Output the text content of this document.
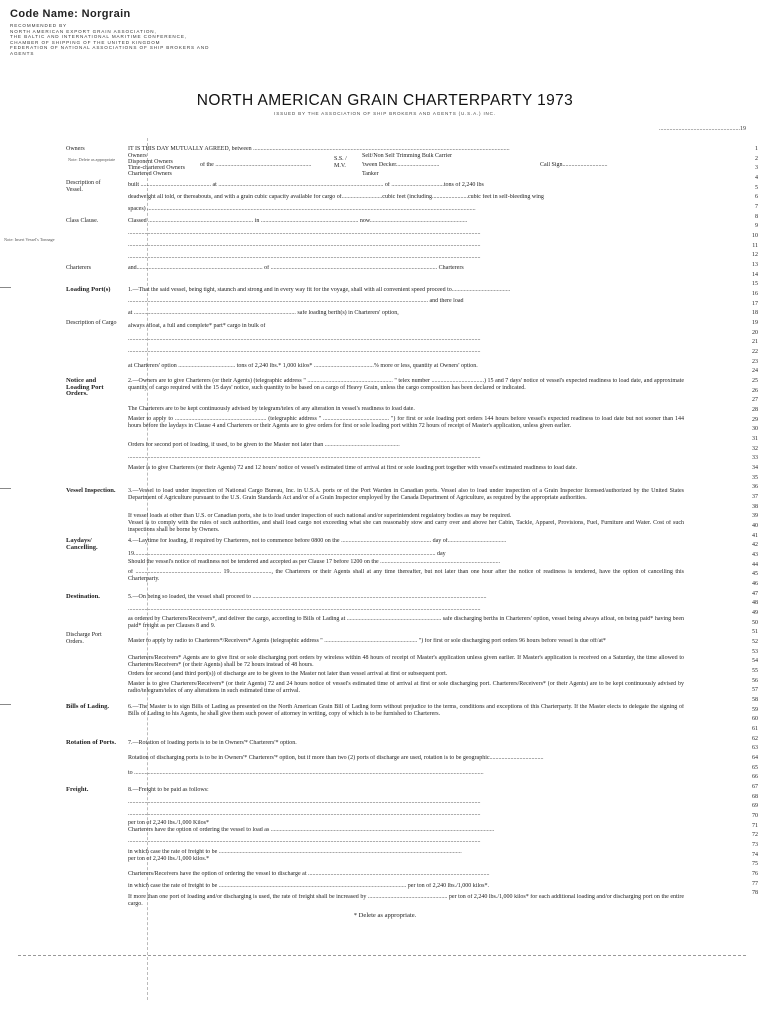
Code Name: Norgrain
RECOMMENDED BY
NORTH AMERICAN EXPORT GRAIN ASSOCIATION,
THE BALTIC AND INTERNATIONAL MARITIME CONFERENCE,
CHAMBER OF SHIPPING OF THE UNITED KINGDOM
FEDERATION OF NATIONAL ASSOCIATIONS OF SHIP BROKERS AND
AGENTS
NORTH AMERICAN GRAIN CHARTERPARTY 1973
ISSUED BY THE ASSOCIATION OF SHIP BROKERS AND AGENTS (U.S.A.) INC.
......................................................19
Owners
Note: Delete as appropriate
Description of Vessel.
Class Clause.
Note: Insert Vessel's Tonnage
Charterers
Loading Port(s)
Description of Cargo
Notice and Loading Port Orders.
Vessel Inspection.
Laydays/ Cancelling.
Destination.
Discharge Port Orders.
Bills of Lading.
Rotation of Ports.
Freight.
IT IS THIS DAY MUTUALLY AGREED, between ...........................................................................................................................................................................
Owners
Disponent Owners
Time-chartered Owners
Chartered Owners
of the ................................................................
S.S. / M.V.
Self/Non Self Trimming Bulk Carrier
'tween Decker.............................
Tanker
Call Sign..............................
built ............................................... at .............................................................................................................. of ...................................tons of 2,240 lbs
deadweight all told, or thereabouts, and with a grain cubic capacity available for cargo of...........................cubic feet (including........................cubic feet in self-bleeding wing
spaces) ...........................................................................................................................................................................................................................
Classed ...................................................................... in ................................................................. now.................................................................
...........................................................................................................................................................................................................................................
...........................................................................................................................................................................................................................................
...........................................................................................................................................................................................................................................
and.................................................................................... of ............................................................................................................... Charterers
1.—That the said vessel, being tight, staunch and strong and in every way fit for the voyage, shall with all convenient speed proceed to.......................................
........................................................................................................................................................................................................ and there load
at ............................................................................................................ safe loading berth(s) in Charterers' option,
always afloat, a full and complete* part* cargo in bulk of
...........................................................................................................................................................................................................................................
...........................................................................................................................................................................................................................................
at Charterers' option ...................................... tons of 2,240 lbs.* 1,000 kilos* ........................................% more or less, quantity at Owners' option.
2.—Owners are to give Charterers (or their Agents) (telegraphic address " ......................................................... " telex number ...................................) 15 and 7 days' notice of vessel's expected readiness to load date, and approximate quantity of cargo required with the 15 days' notice, such quantity to be based on a cargo of Heavy Grain, unless the cargo composition has been declared or indicated.
The Charterers are to be kept continuously advised by telegram/telex of any alteration in vessel's readiness to load date.
Master to apply to ............................................................. (telegraphic address " ............................................ ") for first or sole loading port orders 144 hours before vessel's expected readiness to load date but not sooner than 144 hours before the laydays in Clause 4 and Charterers or their Agents are to give orders for first or sole loading port within 72 hours of receipt of Master's application, unless given earlier.
Orders for second port of loading, if used, to be given to the Master not later than ..................................................
...........................................................................................................................................................................................................................................
Master is to give Charterers (or their Agents) 72 and 12 hours' notice of vessel's estimated time of arrival at first or sole loading port together with vessel's estimated readiness to load date.
3.—Vessel to load under inspection of National Cargo Bureau, Inc. in U.S.A. ports or of the Port Warden in Canadian ports. Vessel also to load under inspection of a Grain Inspector licensed/authorized by the United States Department of Agriculture pursuant to the U.S. Grain Standards Act and/or of a Grain Inspector employed by the Canada Department of Agriculture, as required by the appropriate authorities.
If vessel loads at other than U.S. or Canadian ports, she is to load under inspection of such national and/or superintendent regulatory bodies as may be required.
Vessel is to comply with the rules of such authorities, and shall load cargo not exceeding what she can reasonably stow and carry over and above her Cabin, Tackle, Apparel, Provisions, Fuel, Furniture and Water. Cost of such inspections shall be borne by Owners.
4.—Laytime for loading, if required by Charterers, not to commence before 0800 on the ............................................................ day of.......................................
19......................................................................................................................................................................................................... day
Should the vessel's notice of readiness not be tendered and accepted as per Clause 17 before 1200 on the ................................................................................
of ......................................................... 19............................, the Charterers or their Agents shall at any time thereafter, but not later than one hour after the notice of readiness is tendered, have the option of cancelling this Charterparty.
5.—On being so loaded, the vessel shall proceed to ............................................................................................................................................................
...........................................................................................................................................................................................................................................
as ordered by Charterers/Receivers*, and deliver the cargo, according to Bills of Lading at ............................................................... safe discharging berths in Charterers' option, vessel being always afloat, on being paid* having been paid* freight as per Clauses 8 and 9.
Master to apply by radio to Charterers*/Receivers* Agents (telegraphic address " .............................................................. ") for first or sole discharging port orders 96 hours before vessel is due off/at*
Charterers/Receivers* Agents are to give first or sole discharging port orders by wireless within 48 hours of receipt of Master's application unless given earlier. If Master's application is received on a Saturday, the time allowed to Charterers/Receivers* (or their Agents) shall be 72 hours instead of 48 hours.
Orders for second (and third port(s)) of discharge are to be given to the Master not later than vessel arrival at first or subsequent port.
Master is to give Charterers/Receivers* (or their Agents) 72 and 24 hours notice of vessel's estimated time of arrival at first or sole discharging port. Charterers/Receivers* (or their Agents) are to be kept continuously advised by radio/telegram/telex of any alterations in such estimated time of arrival.
6.—The Master is to sign Bills of Lading as presented on the North American Grain Bill of Lading form without prejudice to the terms, conditions and exceptions of this Charterparty. If the Master elects to delegate the signing of Bills of Lading to his Agents, he shall give them such power of attorney in writing, copy of which is to be furnished to Charterers.
7.—Rotation of loading ports is to be in Owners'* Charterers'* option.
Rotation of discharging ports is to be in Owners'* Charterers'* option, but if more than two (2) ports of discharge are used, rotation is to be geographic....................................
to .........................................................................................................................................................................................................................................
8.—Freight to be paid as follows:
...........................................................................................................................................................................................................................................
...........................................................................................................................................................................................................................................
per ton of 2,240 lbs./1,000 Kilos*
Charterers have the option of ordering the vessel to load as .....................................................................................................................................................
...........................................................................................................................................................................................................................................
in which case the rate of freight to be ..................................................................................................................................................................
per ton of 2,240 lbs./1,000 kilos.*
Charterers/Receivers have the option of ordering the vessel to discharge at .........................................................................................................................
in which case the rate of freight to be ............................................................................................................................. per ton of 2,240 lbs./1,000 kilos*.
If more than one port of loading and/or discharging is used, the rate of freight shall be increased by ..................................................... per ton of 2,240 lbs./1,000 kilos* for each additional loading and/or discharging port on the entire cargo.
* Delete as appropriate.
1
2
3
4
5
6
7
8
9
10
11
12
13
14
15
16
17
18
19
20
21
22
23
24
25
26
27
28
29
30
31
32
33
34
35
36
37
38
39
40
41
42
43
44
45
46
47
48
49
50
51
52
53
54
55
56
57
58
59
60
61
62
63
64
65
66
67
68
69
70
71
72
73
74
75
76
77
78
